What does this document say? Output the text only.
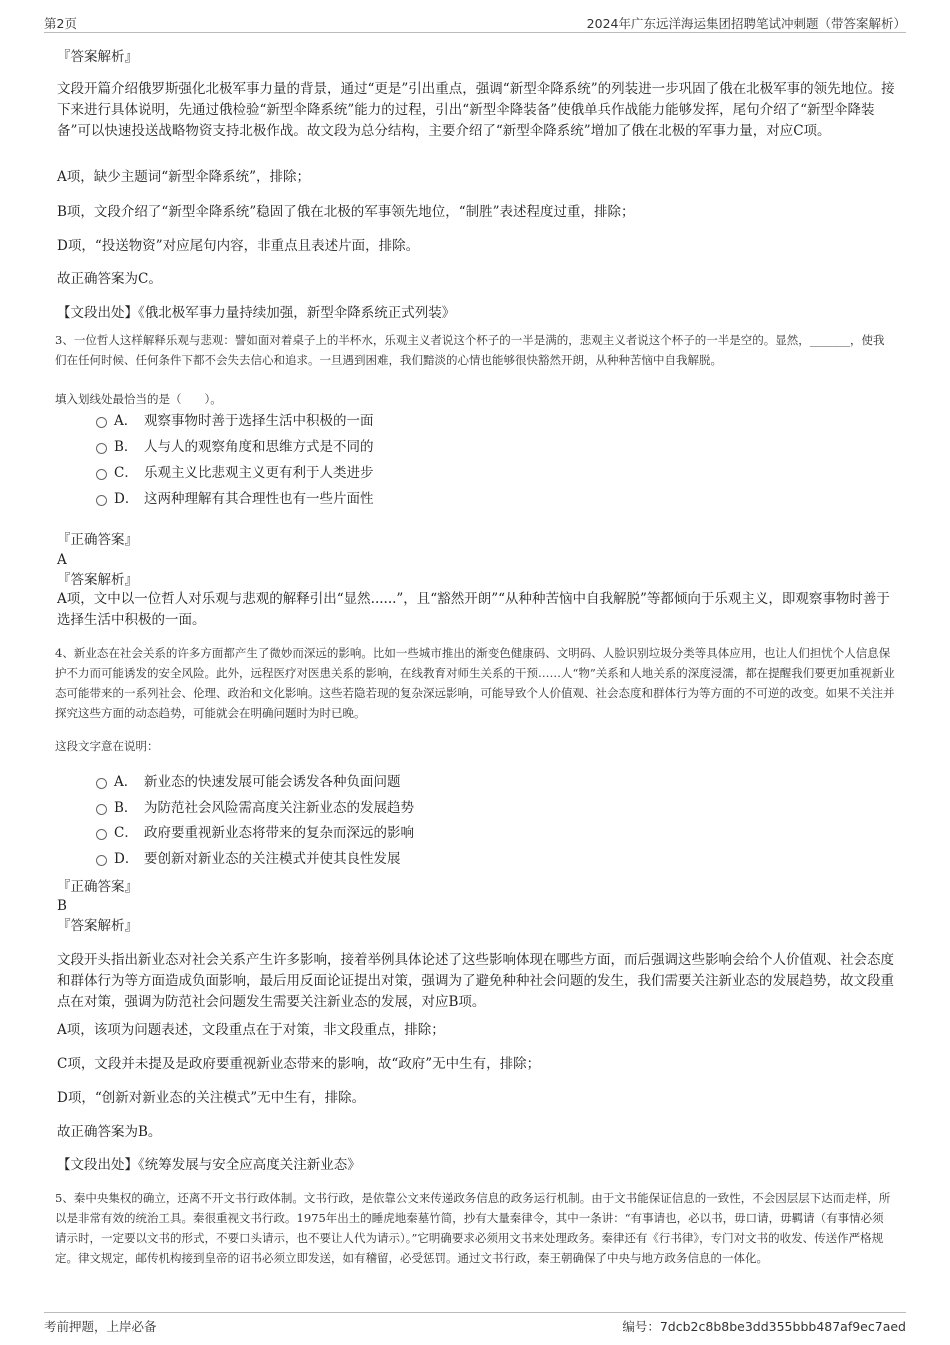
第2页	2024年广东远洋海运集团招聘笔试冲刺题（带答案解析）
『答案解析』
文段开篇介绍俄罗斯强化北极军事力量的背景，通过“更是”引出重点，强调“新型伞降系统”的列装进一步巩固了俄在北极军事的领先地位。接下来进行具体说明，先通过俄检验“新型伞降系统”能力的过程，引出“新型伞降装备”使俄单兵作战能力能够发挥，尾句介绍了“新型伞降装备”可以快速投送战略物资支持北极作战。故文段为总分结构，主要介绍了“新型伞降系统”增加了俄在北极的军事力量，对应C项。
A项，缺少主题词“新型伞降系统”，排除；
B项，文段介绍了“新型伞降系统”稳固了俄在北极的军事领先地位，“制胜”表述程度过重，排除；
D项，“投送物资”对应尾句内容，非重点且表述片面，排除。
故正确答案为C。
【文段出处】《俄北极军事力量持续加强，新型伞降系统正式列装》
3、一位哲人这样解释乐观与悲观：譬如面对着桌子上的半杯水，乐观主义者说这个杯子的一半是满的，悲观主义者说这个杯子的一半是空的。显然，_______，使我们在任何时候、任何条件下都不会失去信心和追求。一旦遇到困难，我们黯淡的心情也能够很快豁然开朗，从种种苦恼中自我解脱。
填入划线处最恰当的是（　　）。
A． 观察事物时善于选择生活中积极的一面
B． 人与人的观察角度和思维方式是不同的
C． 乐观主义比悲观主义更有利于人类进步
D． 这两种理解有其合理性也有一些片面性
『正确答案』
A
『答案解析』
A项，文中以一位哲人对乐观与悲观的解释引出“显然......”，且“豁然开朗”“从种种苦恼中自我解脱”等都倾向于乐观主义，即观察事物时善于选择生活中积极的一面。
4、新业态在社会关系的许多方面都产生了微妙而深远的影响。比如一些城市推出的渐变色健康码、文明码、人脸识别垃圾分类等具体应用，也让人们担忧个人信息保护不力而可能诱发的安全风险。此外，远程医疗对医患关系的影响，在线教育对师生关系的干预……人“物”关系和人地关系的深度浸濡，都在提醒我们要更加重视新业态可能带来的一系列社会、伦理、政治和文化影响。这些若隐若现的复杂深远影响，可能导致个人价值观、社会态度和群体行为等方面的不可逆的改变。如果不关注并探究这些方面的动态趋势，可能就会在明确问题时为时已晚。
这段文字意在说明：
A． 新业态的快速发展可能会诱发各种负面问题
B． 为防范社会风险需高度关注新业态的发展趋势
C． 政府要重视新业态将带来的复杂而深远的影响
D． 要创新对新业态的关注模式并使其良性发展
『正确答案』
B
『答案解析』
文段开头指出新业态对社会关系产生许多影响，接着举例具体论述了这些影响体现在哪些方面，而后强调这些影响会给个人价值观、社会态度和群体行为等方面造成负面影响，最后用反面论证提出对策，强调为了避免种种社会问题的发生，我们需要关注新业态的发展趋势，故文段重点在对策，强调为防范社会问题发生需要关注新业态的发展，对应B项。
A项，该项为问题表述，文段重点在于对策，非文段重点，排除；
C项，文段并未提及是政府要重视新业态带来的影响，故“政府”无中生有，排除；
D项，“创新对新业态的关注模式”无中生有，排除。
故正确答案为B。
【文段出处】《统筹发展与安全应高度关注新业态》
5、秦中央集权的确立，还离不开文书行政体制。文书行政，是依靠公文来传递政务信息的政务运行机制。由于文书能保证信息的一致性，不会因层层下达而走样，所以是非常有效的统治工具。秦很重视文书行政。1975年出土的睡虎地秦墓竹简，抄有大量秦律令，其中一条讲：“有事请也，必以书，毋口请，毋羁请（有事情必须请示时，一定要以文书的形式，不要口头请示，也不要让人代为请示）。”它明确要求必须用文书来处理政务。秦律还有《行书律》，专门对文书的收发、传送作严格规定。律文规定，邮传机构接到皇帝的诏书必须立即发送，如有稽留，必受惩罚。通过文书行政，秦王朝确保了中央与地方政务信息的一体化。
考前押题，上岸必备	编号：7dcb2c8b8be3dd355bbb487af9ec7aed
